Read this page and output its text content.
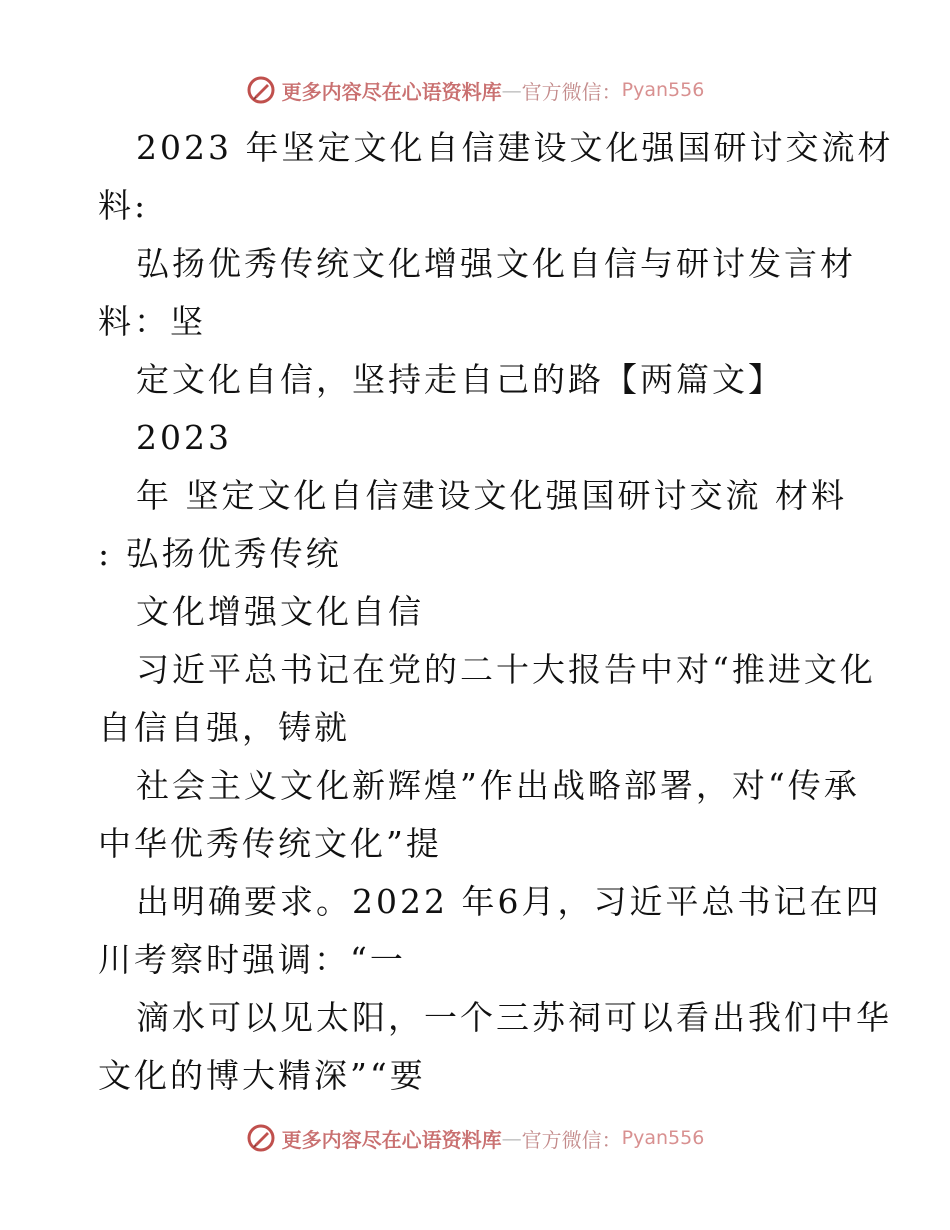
更多内容尽在心语资料库 — 官方微信： Pyan556
2023 年坚定文化自信建设文化强国研讨交流材
料:
弘扬优秀传统文化增强文化自信与研讨发言材
料：坚
定文化自信，坚持走自己的路【两篇文】
2023
年 坚定文化自信建设文化强国研讨交流 材料
: 弘扬优秀传统
文化增强文化自信
习近平总书记在党的二十大报告中对“推进文化
自信自强，铸就
社会主义文化新辉煌”作出战略部署，对“传承
中华优秀传统文化”提
出明确要求。2022 年6月，习近平总书记在四
川考察时强调：“一
滴水可以见太阳，一个三苏祠可以看出我们中华
文化的博大精深”“要
更多内容尽在心语资料库 — 官方微信： Pyan556
